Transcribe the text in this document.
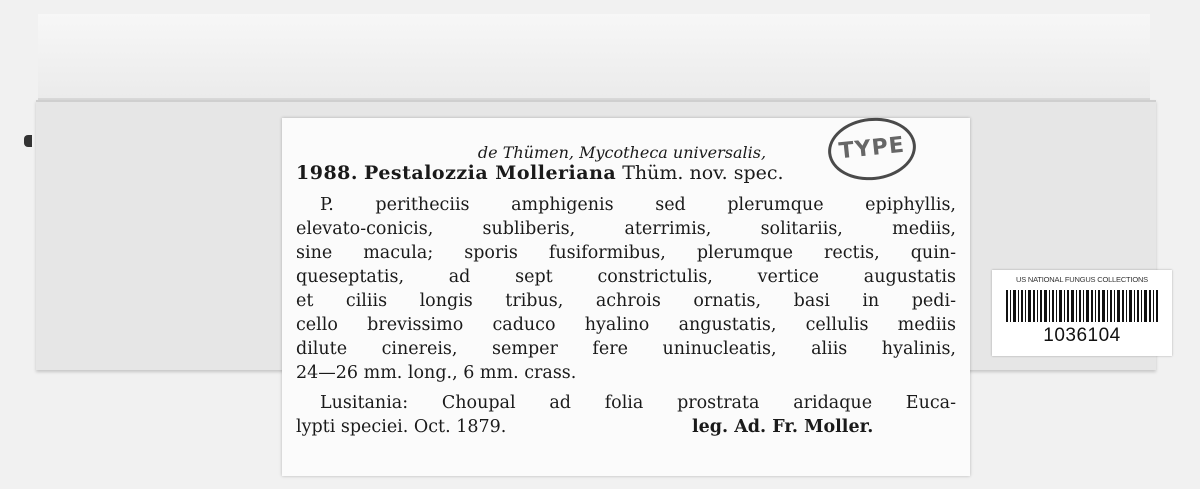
TYPE
de Thümen, Mycotheca universalis,
1988. Pestalozzia Molleriana Thüm. nov. spec.
P. peritheciis amphigenis sed plerumque epiphyllis,
elevato-conicis, subliberis, aterrimis, solitariis, mediis,
sine macula; sporis fusiformibus, plerumque rectis, quin-
queseptatis, ad sept constrictulis, vertice augustatis
et ciliis longis tribus, achrois ornatis, basi in pedi-
cello brevissimo caduco hyalino angustatis, cellulis mediis
dilute cinereis, semper fere uninucleatis, aliis hyalinis,
24—26 mm. long., 6 mm. crass.
Lusitania: Choupal ad folia prostrata aridaque Euca-
lypti speciei. Oct. 1879.	leg. Ad. Fr. Moller.
US NATIONAL FUNGUS COLLECTIONS
1036104
